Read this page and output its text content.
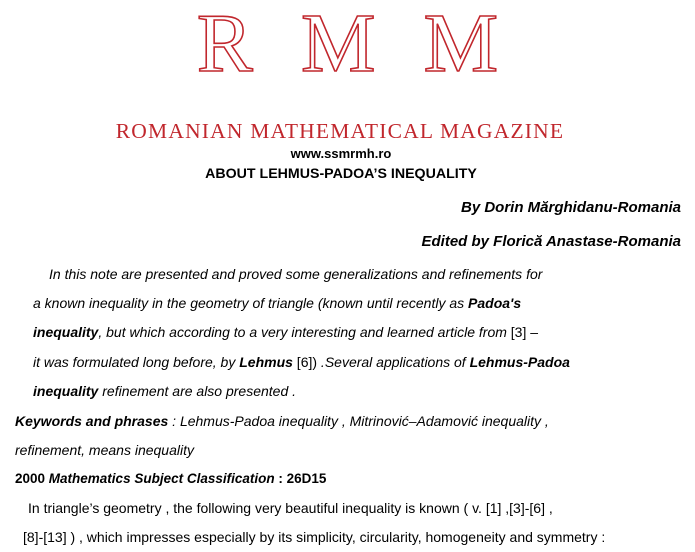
R M M
ROMANIAN MATHEMATICAL MAGAZINE
www.ssmrmh.ro
ABOUT LEHMUS-PADOA’S INEQUALITY
By Dorin Mărghidanu-Romania
Edited by Florică Anastase-Romania
In this note are presented and proved some generalizations and refinements for
a known inequality in the geometry of triangle (known until recently as Padoa's
inequality, but which according to a very interesting and learned article from [3] –
it was formulated long before, by Lehmus [6]) .Several applications of Lehmus-Padoa
inequality refinement are also presented .
Keywords and phrases : Lehmus-Padoa inequality , Mitrinović–Adamović inequality ,
refinement, means inequality
2000 Mathematics Subject Classification : 26D15
In triangle’s geometry , the following very beautiful inequality is known ( v. [1] ,[3]-[6] ,
[8]-[13] ) , which impresses especially by its simplicity, circularity, homogeneity and symmetry :
